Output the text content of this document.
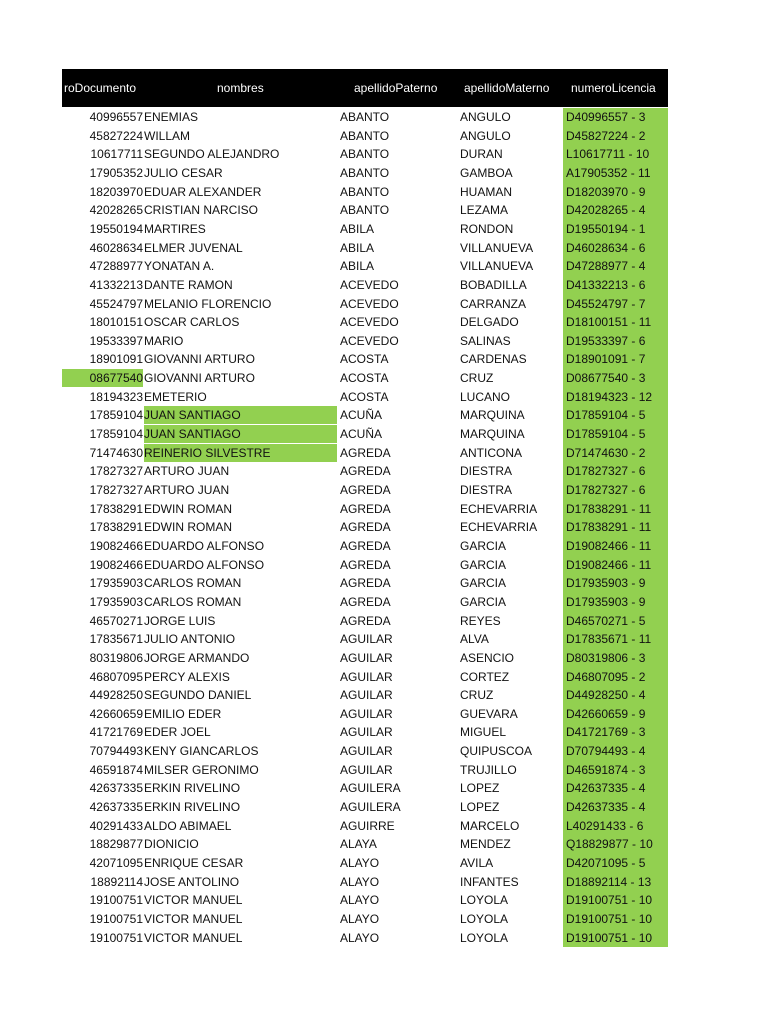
roDocumento	nombres	apellidoPaterno	apellidoMaterno	numeroLicencia
40996557 ENEMIAS	ABANTO	ANGULO	D40996557 - 3
45827224 WILLAM	ABANTO	ANGULO	D45827224 - 2
10617711 SEGUNDO ALEJANDRO	ABANTO	DURAN	L10617711 - 10
17905352 JULIO CESAR	ABANTO	GAMBOA	A17905352 - 11
18203970 EDUAR ALEXANDER	ABANTO	HUAMAN	D18203970 - 9
42028265 CRISTIAN NARCISO	ABANTO	LEZAMA	D42028265 - 4
19550194 MARTIRES	ABILA	RONDON	D19550194 - 1
46028634 ELMER JUVENAL	ABILA	VILLANUEVA	D46028634 - 6
47288977 YONATAN A.	ABILA	VILLANUEVA	D47288977 - 4
41332213 DANTE RAMON	ACEVEDO	BOBADILLA	D41332213 - 6
45524797 MELANIO FLORENCIO	ACEVEDO	CARRANZA	D45524797 - 7
18010151 OSCAR CARLOS	ACEVEDO	DELGADO	D18100151 - 11
19533397 MARIO	ACEVEDO	SALINAS	D19533397 - 6
18901091 GIOVANNI ARTURO	ACOSTA	CARDENAS	D18901091 - 7
08677540 GIOVANNI ARTURO	ACOSTA	CRUZ	D08677540 - 3
18194323 EMETERIO	ACOSTA	LUCANO	D18194323 - 12
17859104 JUAN SANTIAGO	ACUÑA	MARQUINA	D17859104 - 5
17859104 JUAN SANTIAGO	ACUÑA	MARQUINA	D17859104 - 5
71474630 REINERIO SILVESTRE	AGREDA	ANTICONA	D71474630 - 2
17827327 ARTURO JUAN	AGREDA	DIESTRA	D17827327 - 6
17827327 ARTURO JUAN	AGREDA	DIESTRA	D17827327 - 6
17838291 EDWIN ROMAN	AGREDA	ECHEVARRIA	D17838291 - 11
17838291 EDWIN ROMAN	AGREDA	ECHEVARRIA	D17838291 - 11
19082466 EDUARDO ALFONSO	AGREDA	GARCIA	D19082466 - 11
19082466 EDUARDO ALFONSO	AGREDA	GARCIA	D19082466 - 11
17935903 CARLOS ROMAN	AGREDA	GARCIA	D17935903 - 9
17935903 CARLOS ROMAN	AGREDA	GARCIA	D17935903 - 9
46570271 JORGE LUIS	AGREDA	REYES	D46570271 - 5
17835671 JULIO ANTONIO	AGUILAR	ALVA	D17835671 - 11
80319806 JORGE ARMANDO	AGUILAR	ASENCIO	D80319806 - 3
46807095 PERCY ALEXIS	AGUILAR	CORTEZ	D46807095 - 2
44928250 SEGUNDO DANIEL	AGUILAR	CRUZ	D44928250 - 4
42660659 EMILIO EDER	AGUILAR	GUEVARA	D42660659 - 9
41721769 EDER JOEL	AGUILAR	MIGUEL	D41721769 - 3
70794493 KENY GIANCARLOS	AGUILAR	QUIPUSCOA	D70794493 - 4
46591874 MILSER GERONIMO	AGUILAR	TRUJILLO	D46591874 - 3
42637335 ERKIN RIVELINO	AGUILERA	LOPEZ	D42637335 - 4
42637335 ERKIN RIVELINO	AGUILERA	LOPEZ	D42637335 - 4
40291433 ALDO ABIMAEL	AGUIRRE	MARCELO	L40291433 - 6
18829877 DIONICIO	ALAYA	MENDEZ	Q18829877 - 10
42071095 ENRIQUE CESAR	ALAYO	AVILA	D42071095 - 5
18892114 JOSE ANTOLINO	ALAYO	INFANTES	D18892114 - 13
19100751 VICTOR MANUEL	ALAYO	LOYOLA	D19100751 - 10
19100751 VICTOR MANUEL	ALAYO	LOYOLA	D19100751 - 10
19100751 VICTOR MANUEL	ALAYO	LOYOLA	D19100751 - 10
